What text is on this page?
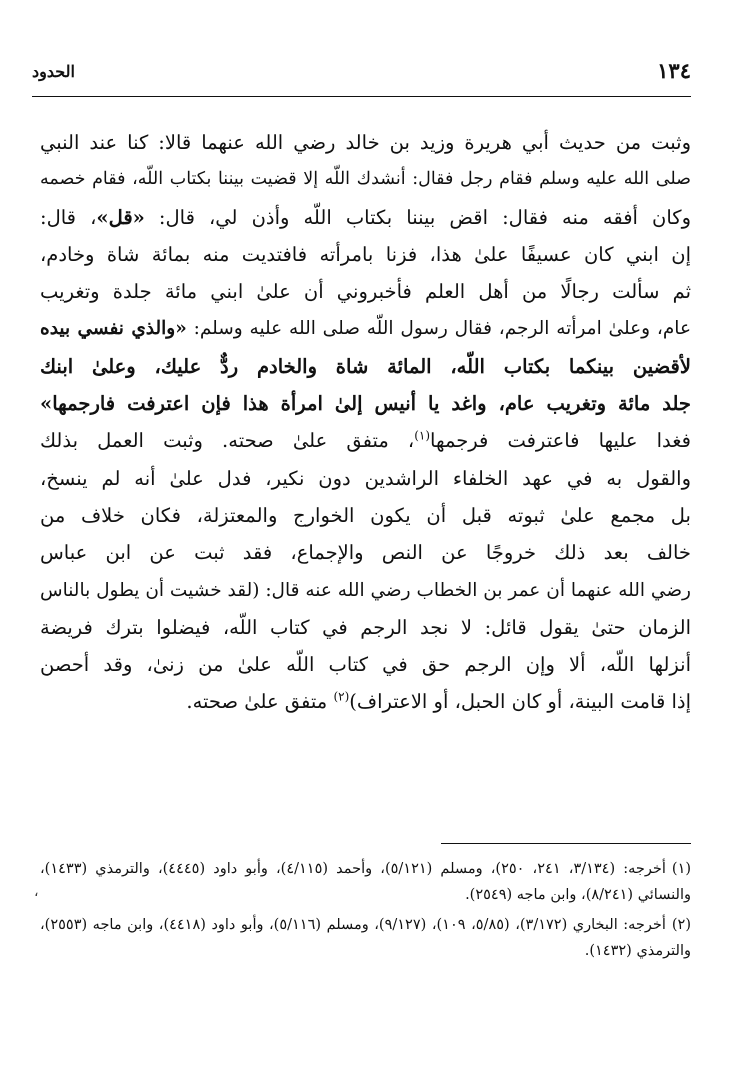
١٣٤
الحدود
وثبت من حديث أبي هريرة وزيد بن خالد رضي الله عنهما قالا: كنا عند النبي
صلى الله عليه وسلم فقام رجل فقال: أنشدك اللّه إلا قضيت بيننا بكتاب اللّه، فقام خصمه
وكان أفقه منه فقال: اقض بيننا بكتاب اللّه وأذن لي، قال: «قل»، قال:
إن ابني كان عسيفًا علىٰ هذا، فزنا بامرأته فافتديت منه بمائة شاة وخادم،
ثم سألت رجالًا من أهل العلم فأخبروني أن علىٰ ابني مائة جلدة وتغريب
عام، وعلىٰ امرأته الرجم، فقال رسول اللّه صلى الله عليه وسلم: «والذي نفسي بيده
لأقضين بينكما بكتاب اللّه، المائة شاة والخادم ردٌّ عليك، وعلىٰ ابنك
جلد مائة وتغريب عام، واغد يا أنيس إلىٰ امرأة هذا فإن اعترفت فارجمها»
فغدا عليها فاعترفت فرجمها$^{(١)}$، متفق علىٰ صحته. وثبت العمل بذلك
والقول به في عهد الخلفاء الراشدين دون نكير، فدل علىٰ أنه لم ينسخ،
بل مجمع علىٰ ثبوته قبل أن يكون الخوارج والمعتزلة، فكان خلاف من
خالف بعد ذلك خروجًا عن النص والإجماع، فقد ثبت عن ابن عباس
رضي الله عنهما أن عمر بن الخطاب رضي الله عنه قال: (لقد خشيت أن يطول بالناس
الزمان حتىٰ يقول قائل: لا نجد الرجم في كتاب اللّه، فيضلوا بترك فريضة
أنزلها اللّه، ألا وإن الرجم حق في كتاب اللّه علىٰ من زنىٰ، وقد أحصن
إذا قامت البينة، أو كان الحبل، أو الاعتراف)$^{(٢)}$ متفق علىٰ صحته.

(١)أخرجه: (٣/١٣٤، ٢٤١، ٢٥٠)، ومسلم (٥/١٢١)، وأحمد (٤/١١٥)، وأبو داود (٤٤٤٥)، والترمذي (١٤٣٣)، والنسائي (٨/٢٤١)، وابن ماجه (٢٥٤٩).

(٢)أخرجه: البخاري (٣/١٧٢)، (٥/٨٥، ١٠٩)، (٩/١٢٧)، ومسلم (٥/١١٦)، وأبو داود (٤٤١٨)، وابن ماجه (٢٥٥٣)، والترمذي (١٤٣٢).

،
